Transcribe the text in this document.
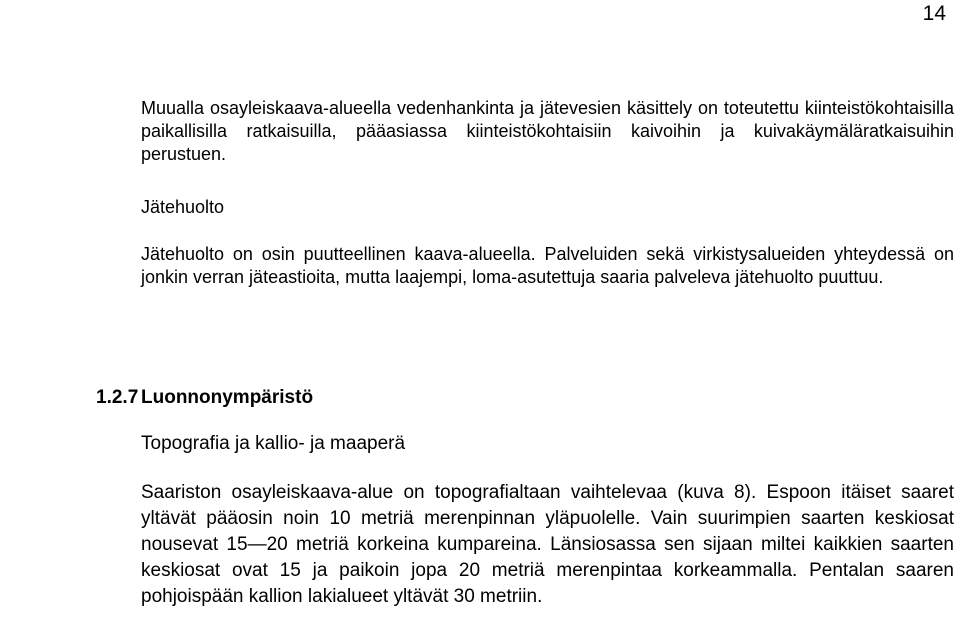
14

Muualla osayleiskaava-alueella vedenhankinta ja jätevesien käsittely on toteutettu kiinteistökohtaisilla paikallisilla ratkaisuilla, pääasiassa kiinteistökohtaisiin kaivoihin ja kuivakäymäläratkaisuihin perustuen.

Jätehuolto

Jätehuolto on osin puutteellinen kaava-alueella. Palveluiden sekä virkistysalueiden yhteydessä on jonkin verran jäteastioita, mutta laajempi, loma-asutettuja saaria palveleva jätehuolto puuttuu.

1.2.7 Luonnonympäristö
Topografia ja kallio- ja maaperä

Saariston osayleiskaava-alue on topografialtaan vaihtelevaa (kuva 8). Espoon itäiset saaret yltävät pääosin noin 10 metriä merenpinnan yläpuolelle. Vain suurimpien saarten keskiosat nousevat 15—20 metriä korkeina kumpareina. Länsiosassa sen sijaan miltei kaikkien saarten keskiosat ovat 15 ja paikoin jopa 20 metriä merenpintaa korkeammalla. Pentalan saaren pohjoispään kallion lakialueet yltävät 30 metriin.
